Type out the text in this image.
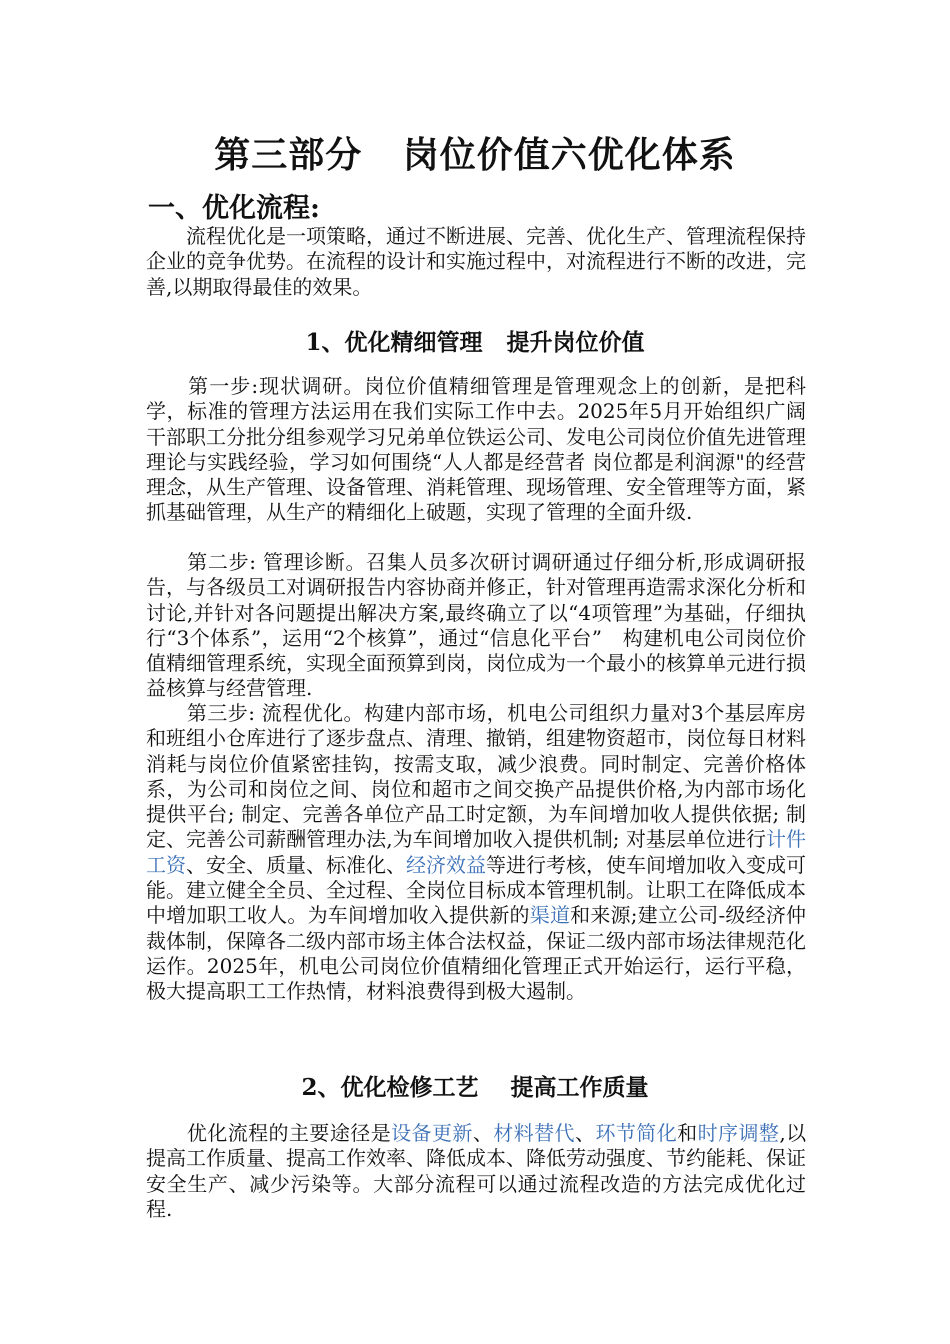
第三部分   岗位价值六优化体系
一、优化流程:
　　流程优化是一项策略，通过不断进展、完善、优化生产、管理流程保持企业的竞争优势。在流程的设计和实施过程中，对流程进行不断的改进，完善,以期取得最佳的效果。
1、优化精细管理   提升岗位价值
　　第一步:现状调研。岗位价值精细管理是管理观念上的创新，是把科学，标准的管理方法运用在我们实际工作中去。2025年5月开始组织广阔干部职工分批分组参观学习兄弟单位铁运公司、发电公司岗位价值先进管理理论与实践经验，学习如何围绕“人人都是经营者 岗位都是利润源"的经营理念，从生产管理、设备管理、消耗管理、现场管理、安全管理等方面，紧抓基础管理，从生产的精细化上破题，实现了管理的全面升级.
　　第二步: 管理诊断。召集人员多次研讨调研通过仔细分析,形成调研报告，与各级员工对调研报告内容协商并修正，针对管理再造需求深化分析和讨论,并针对各问题提出解决方案,最终确立了以“4项管理”为基础，仔细执行“3个体系”，运用“2个核算”，通过“信息化平台”　构建机电公司岗位价值精细管理系统，实现全面预算到岗，岗位成为一个最小的核算单元进行损益核算与经营管理.
　　第三步: 流程优化。构建内部市场，机电公司组织力量对3个基层库房和班组小仓库进行了逐步盘点、清理、撤销，组建物资超市，岗位每日材料消耗与岗位价值紧密挂钩，按需支取，减少浪费。同时制定、完善价格体系，为公司和岗位之间、岗位和超市之间交换产品提供价格,为内部市场化提供平台; 制定、完善各单位产品工时定额，为车间增加收人提供依据; 制定、完善公司薪酬管理办法,为车间增加收入提供机制; 对基层单位进行计件工资、安全、质量、标准化、经济效益等进行考核，使车间增加收入变成可能。建立健全全员、全过程、全岗位目标成本管理机制。让职工在降低成本中增加职工收人。为车间增加收入提供新的渠道和来源;建立公司-级经济仲裁体制，保障各二级内部市场主体合法权益，保证二级内部市场法律规范化运作。2025年，机电公司岗位价值精细化管理正式开始运行，运行平稳，极大提高职工工作热情，材料浪费得到极大遏制。
2、优化检修工艺    提高工作质量
　　优化流程的主要途径是设备更新、材料替代、环节简化和时序调整,以提高工作质量、提高工作效率、降低成本、降低劳动强度、节约能耗、保证安全生产、减少污染等。大部分流程可以通过流程改造的方法完成优化过程.
